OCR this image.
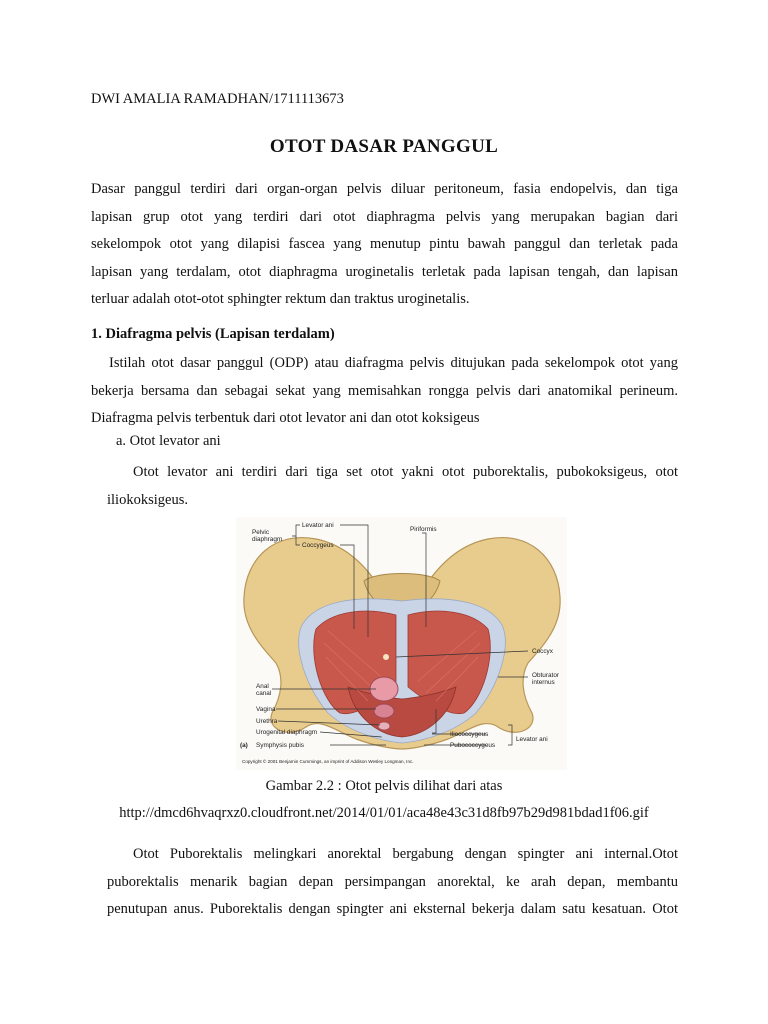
DWI AMALIA RAMADHAN/1711113673
OTOT DASAR PANGGUL
Dasar panggul terdiri dari organ-organ pelvis diluar peritoneum, fasia endopelvis, dan tiga
lapisan grup otot yang terdiri dari otot diaphragma pelvis yang merupakan bagian dari
sekelompok otot yang dilapisi fascea yang menutup pintu bawah panggul dan terletak pada
lapisan yang terdalam, otot diaphragma uroginetalis terletak pada lapisan tengah, dan lapisan
terluar adalah otot-otot sphingter rektum dan traktus uroginetalis.
1. Diafragma pelvis (Lapisan terdalam)
Istilah otot dasar panggul (ODP) atau diafragma pelvis ditujukan pada sekelompok otot yang
bekerja bersama dan sebagai sekat yang memisahkan rongga pelvis dari anatomikal perineum.
Diafragma pelvis terbentuk dari otot levator ani dan otot koksigeus
a. Otot levator ani
Otot levator ani terdiri dari tiga set otot yakni otot puborektalis, pubokoksigeus, otot
iliokoksigeus.
Pelvic
diaphragm
Levator ani
Coccygeus
Piriformis
Coccyx
Obturator
internus
Anal
canal
Vagina
Urethra
Urogenital diaphragm
(a) Symphysis pubis
Iliococcygeus
Pubococcygeus
Levator ani
Copyright © 2001 Benjamin Cummings, an imprint of Addison Wesley Longman, Inc.
Gambar 2.2 : Otot pelvis dilihat dari atas
http://dmcd6hvaqrxz0.cloudfront.net/2014/01/01/aca48e43c31d8fb97b29d981bdad1f06.gif
Otot Puborektalis melingkari anorektal bergabung dengan spingter ani internal.Otot
puborektalis menarik bagian depan persimpangan anorektal, ke arah depan, membantu
penutupan anus. Puborektalis dengan spingter ani eksternal bekerja dalam satu kesatuan. Otot
